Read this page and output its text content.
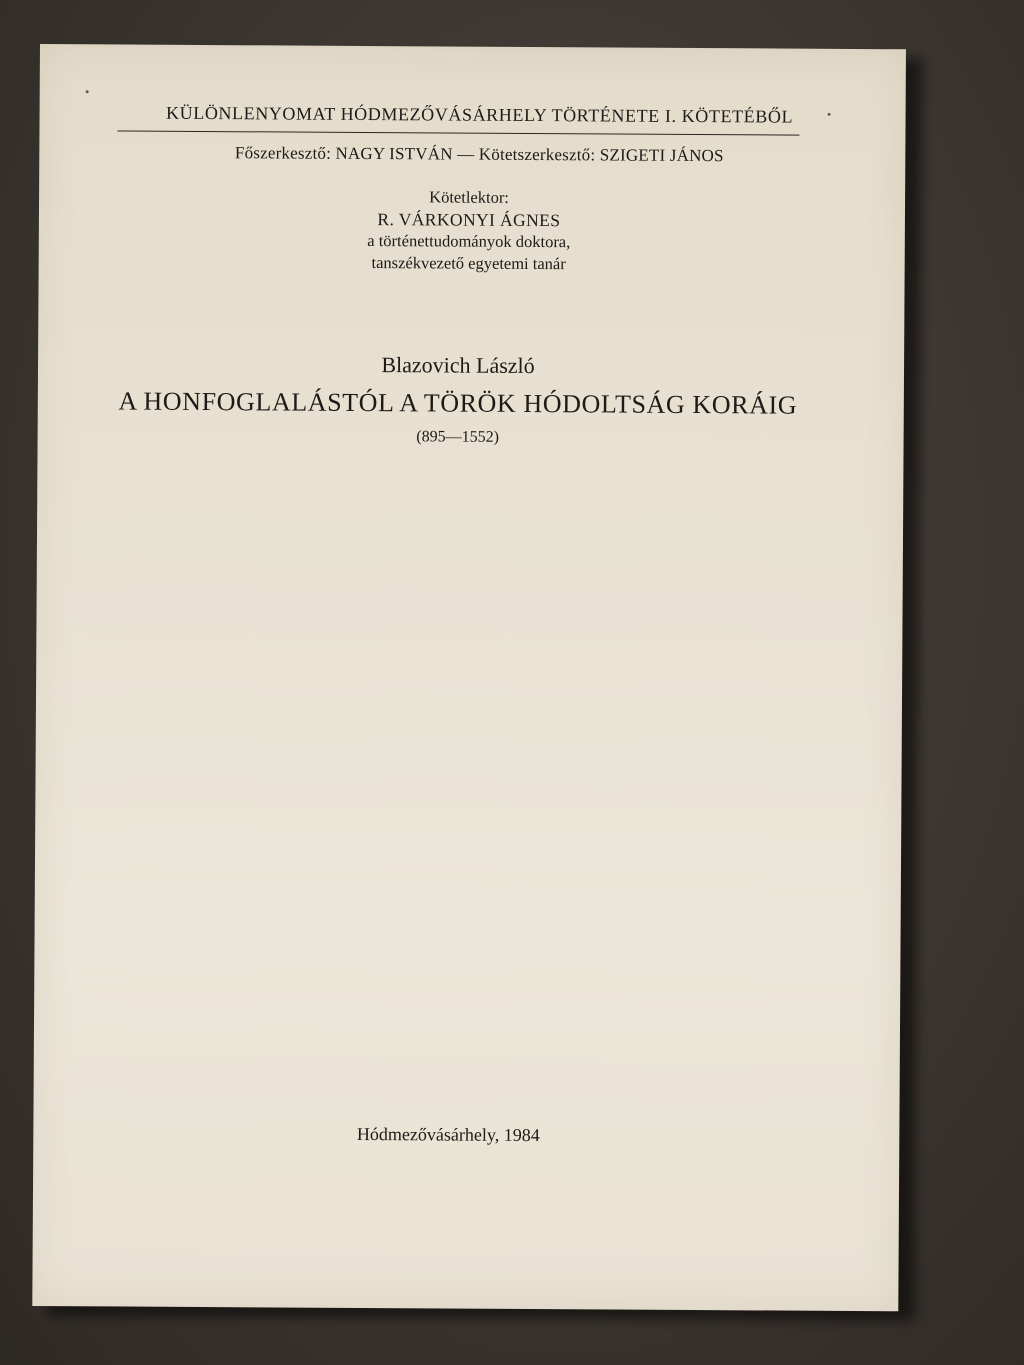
KÜLÖNLENYOMAT HÓDMEZŐVÁSÁRHELY TÖRTÉNETE I. KÖTETÉBŐL
Főszerkesztő: NAGY ISTVÁN — Kötetszerkesztő: SZIGETI JÁNOS
Kötetlektor:
R. VÁRKONYI ÁGNES
a történettudományok doktora,
tanszékvezető egyetemi tanár
Blazovich László
A HONFOGLALÁSTÓL A TÖRÖK HÓDOLTSÁG KORÁIG
(895—1552)
Hódmezővásárhely, 1984
